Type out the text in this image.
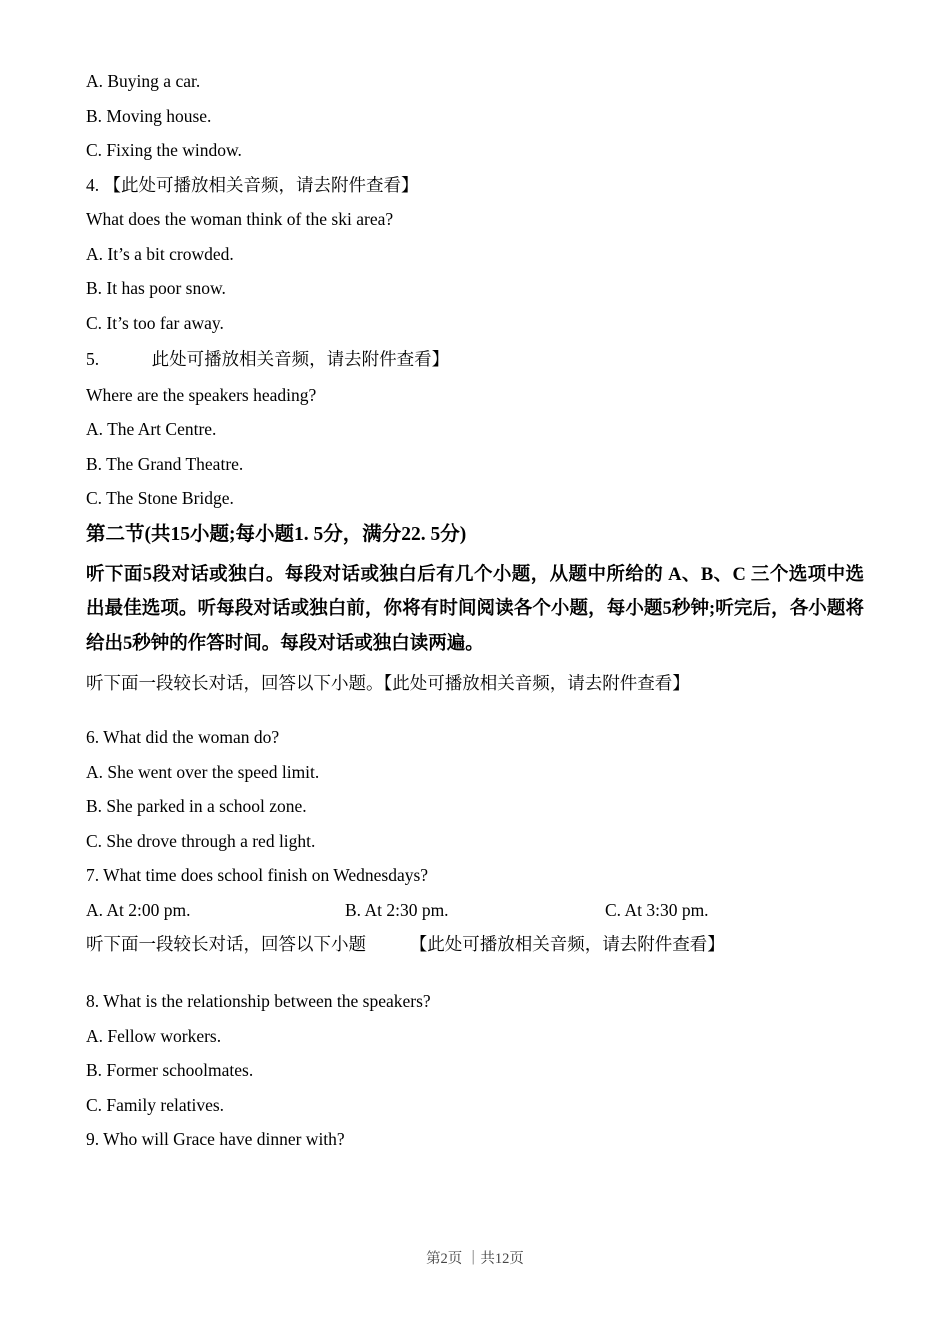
A. Buying a car.
B. Moving house.
C. Fixing the window.
4. 【此处可播放相关音频，请去附件查看】
What does the woman think of the ski area?
A. It’s a bit crowded.
B. It has poor snow.
C. It’s too far away.
5.　　　此处可播放相关音频，请去附件查看】
Where are the speakers heading?
A. The Art Centre.
B. The Grand Theatre.
C. The Stone Bridge.
第二节(共15小题;每小题1. 5分，满分22. 5分)
听下面5段对话或独白。每段对话或独白后有几个小题，从题中所给的 A、B、C 三个选项中选出最佳选项。听每段对话或独白前，你将有时间阅读各个小题，每小题5秒钟;听完后，各小题将给出5秒钟的作答时间。每段对话或独白读两遍。
听下面一段较长对话，回答以下小题。【此处可播放相关音频，请去附件查看】
6. What did the woman do?
A. She went over the speed limit.
B. She parked in a school zone.
C. She drove through a red light.
7. What time does school finish on Wednesdays?
A. At 2:00 pm.	B. At 2:30 pm.	C. At 3:30 pm.
听下面一段较长对话，回答以下小题　　　【此处可播放相关音频，请去附件查看】
8. What is the relationship between the speakers?
A. Fellow workers.
B. Former schoolmates.
C. Family relatives.
9. Who will Grace have dinner with?
第2页 ｜共12页
